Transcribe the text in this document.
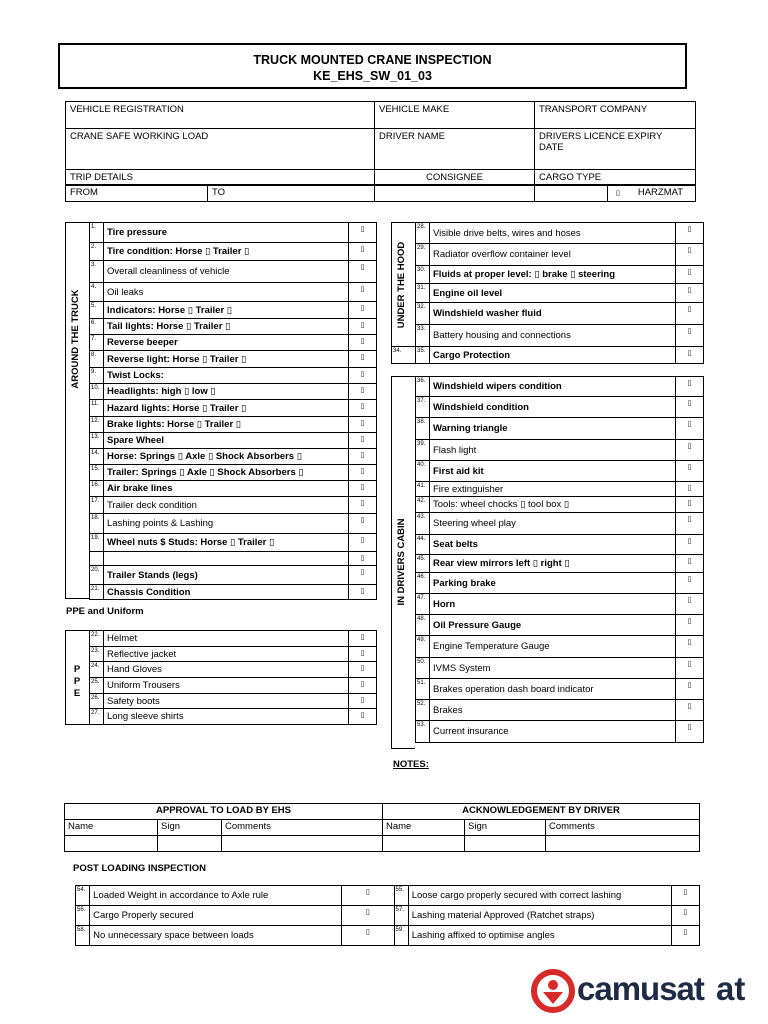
TRUCK MOUNTED CRANE INSPECTION
KE_EHS_SW_01_03
VEHICLE REGISTRATION	VEHICLE MAKE	TRANSPORT COMPANY
CRANE SAFE WORKING LOAD	DRIVER NAME	DRIVERS LICENCE EXPIRY DATE
TRIP DETAILS	CONSIGNEE	CARGO TYPE
FROM	TO			▯ HARZMAT
AROUND THE TRUCK
1.	Tire pressure	▯
2.	Tire condition: Horse ▯ Trailer ▯	▯
3.	Overall cleanliness of vehicle	▯
4.	Oil leaks	▯
5.	Indicators: Horse ▯ Trailer ▯	▯
6.	Tail lights: Horse ▯ Trailer ▯	▯
7.	Reverse beeper	▯
8.	Reverse light: Horse ▯ Trailer ▯	▯
9.	Twist Locks:	▯
10.	Headlights: high ▯ low ▯	▯
11.	Hazard lights: Horse ▯ Trailer ▯	▯
12.	Brake lights: Horse ▯ Trailer ▯	▯
13.	Spare Wheel	▯
14.	Horse: Springs ▯ Axle ▯ Shock Absorbers ▯	▯
15.	Trailer: Springs ▯ Axle ▯ Shock Absorbers ▯	▯
16.	Air brake lines	▯
17.	Trailer deck condition	▯
18.	Lashing points & Lashing	▯
19.	Wheel nuts $ Studs: Horse ▯ Trailer ▯	▯
		▯
20.	Trailer Stands (legs)	▯
21.	Chassis Condition	▯
PPE and Uniform
P P E
22.	Helmet	▯
23.	Reflective jacket	▯
24.	Hand Gloves	▯
25.	Uniform Trousers	▯
26.	Safety boots	▯
27.	Long sleeve shirts	▯
UNDER THE HOOD
28.	Visible drive belts, wires and hoses	▯
29.	Radiator overflow container level	▯
30.	Fluids at proper level: ▯ brake ▯ steering	▯
31.	Engine oil level	▯
32.	Windshield washer fluid	▯
33.	Battery housing and connections	▯
34.	35.	Cargo Protection	▯
IN DRIVERS CABIN
36.	Windshield wipers condition	▯
37.	Windshield condition	▯
38.	Warning triangle	▯
39.	Flash light	▯
40.	First aid kit	▯
41.	Fire extinguisher	▯
42.	Tools: wheel chocks ▯ tool box ▯	▯
43.	Steering wheel play	▯
44.	Seat belts	▯
45.	Rear view mirrors left ▯ right ▯	▯
46.	Parking brake	▯
47.	Horn	▯
48.	Oil Pressure Gauge	▯
49.	Engine Temperature Gauge	▯
50.	IVMS System	▯
51.	Brakes operation dash board indicator	▯
52.	Brakes	▯
53.	Current insurance	▯
NOTES:
APPROVAL TO LOAD BY EHS			ACKNOWLEDGEMENT BY DRIVER		
Name	Sign	Comments	Name	Sign	Comments

POST LOADING INSPECTION
54.	Loaded Weight in accordance to Axle rule	▯	55.	Loose cargo properly secured with correct lashing	▯
56.	Cargo Properly secured	▯	57.	Lashing material Approved (Ratchet straps)	▯
58.	No unnecessary space between loads	▯	59.	Lashing affixed to optimise angles	▯
camusat at
